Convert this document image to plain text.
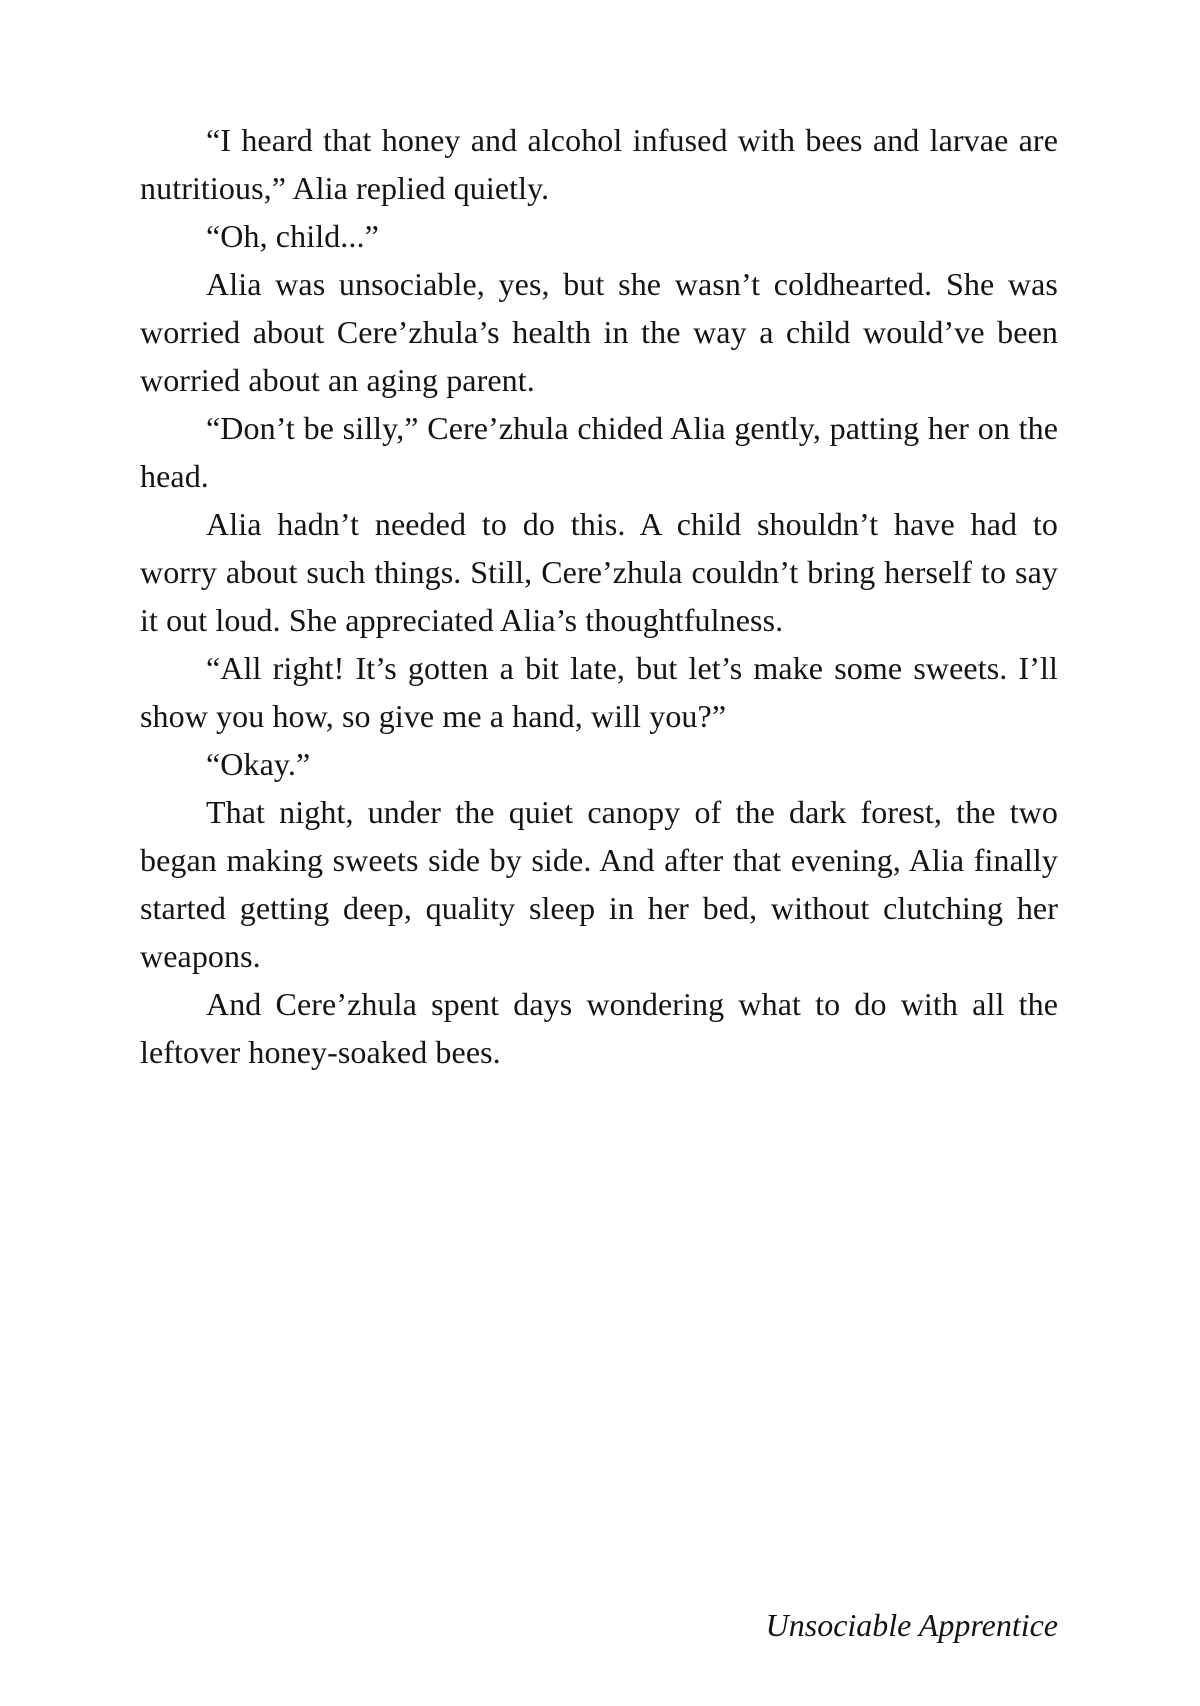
“I heard that honey and alcohol infused with bees and larvae are nutritious,” Alia replied quietly.

“Oh, child...”

Alia was unsociable, yes, but she wasn’t coldhearted. She was worried about Cere’zhula’s health in the way a child would’ve been worried about an aging parent.

“Don’t be silly,” Cere’zhula chided Alia gently, patting her on the head.

Alia hadn’t needed to do this. A child shouldn’t have had to worry about such things. Still, Cere’zhula couldn’t bring herself to say it out loud. She appreciated Alia’s thoughtfulness.

“All right! It’s gotten a bit late, but let’s make some sweets. I’ll show you how, so give me a hand, will you?”

“Okay.”

That night, under the quiet canopy of the dark forest, the two began making sweets side by side. And after that evening, Alia finally started getting deep, quality sleep in her bed, without clutching her weapons.

And Cere’zhula spent days wondering what to do with all the leftover honey-soaked bees.

Unsociable Apprentice
